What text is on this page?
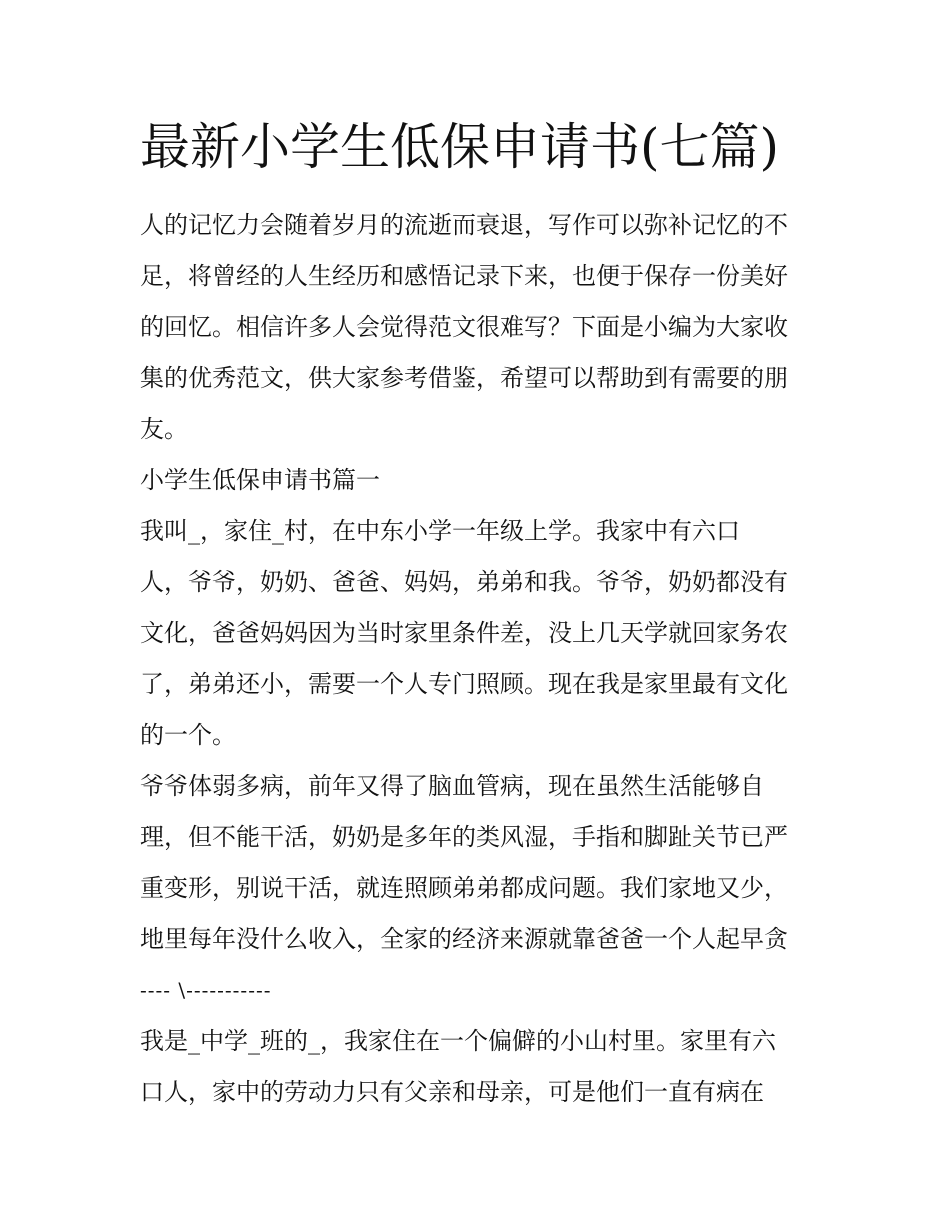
最新小学生低保申请书(七篇)
人的记忆力会随着岁月的流逝而衰退，写作可以弥补记忆的不
足，将曾经的人生经历和感悟记录下来，也便于保存一份美好
的回忆。相信许多人会觉得范文很难写？下面是小编为大家收
集的优秀范文，供大家参考借鉴，希望可以帮助到有需要的朋
友。
小学生低保申请书篇一
我叫_，家住_村，在中东小学一年级上学。我家中有六口
人，爷爷，奶奶、爸爸、妈妈，弟弟和我。爷爷，奶奶都没有
文化，爸爸妈妈因为当时家里条件差，没上几天学就回家务农
了，弟弟还小，需要一个人专门照顾。现在我是家里最有文化
的一个。
爷爷体弱多病，前年又得了脑血管病，现在虽然生活能够自
理，但不能干活，奶奶是多年的类风湿，手指和脚趾关节已严
重变形，别说干活，就连照顾弟弟都成问题。我们家地又少，
地里每年没什么收入，全家的经济来源就靠爸爸一个人起早贪
---- \-----------
我是_中学_班的_，我家住在一个偏僻的小山村里。家里有六
口人，家中的劳动力只有父亲和母亲，可是他们一直有病在
